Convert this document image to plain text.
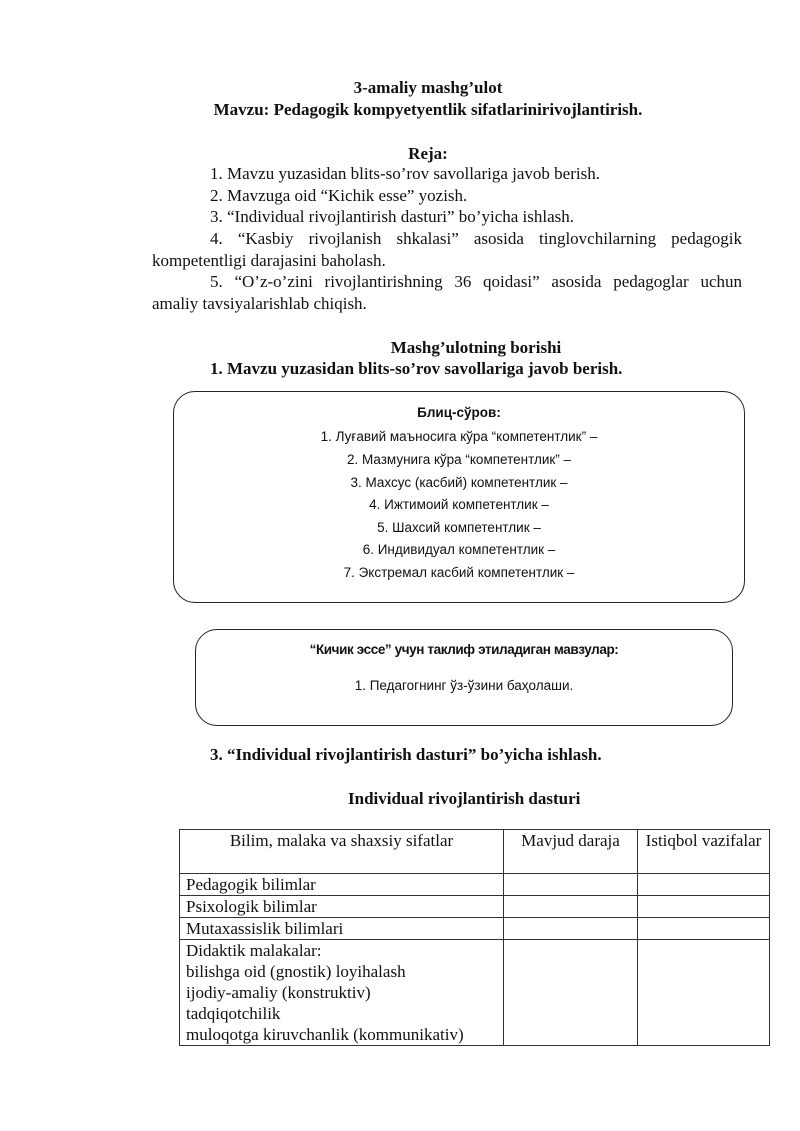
3-amaliy mashg’ulot
Mavzu: Pedagogik kompyetyentlik sifatlarinirivojlantirish.
Reja:
1. Mavzu yuzasidan blits-so’rov savollariga javob berish.
2. Mavzuga oid “Kichik esse” yozish.
3. “Individual rivojlantirish dasturi” bo’yicha ishlash.
4. “Kasbiy rivojlanish shkalasi” asosida tinglovchilarning pedagogik
kompetentligi darajasini baholash.
5. “O’z-o’zini rivojlantirishning 36 qoidasi” asosida pedagoglar uchun
amaliy tavsiyalarishlab chiqish.
Mashg’ulotning borishi
1. Mavzu yuzasidan blits-so’rov savollariga javob berish.
Блиц-сўров:
1. Луғавий маъносига кўра “компетентлик” –
2. Мазмунига кўра “компетентлик” –
3. Махсус (касбий) компетентлик –
4. Ижтимоий компетентлик –
5. Шахсий компетентлик –
6. Индивидуал компетентлик –
7. Экстремал касбий компетентлик –
“Кичик эссе” учун таклиф этиладиган мавзулар:
1. Педагогнинг ўз-ўзини баҳолаши.
3. “Individual rivojlantirish dasturi” bo’yicha ishlash.
Individual rivojlantirish dasturi
Bilim, malaka va shaxsiy sifatlar	Mavjud daraja	Istiqbol vazifalar
Pedagogik bilimlar		
Psixologik bilimlar		
Mutaxassislik bilimlari		

Didaktik malakalar:
bilishga oid (gnostik) loyihalash
ijodiy-amaliy (konstruktiv)
tadqiqotchilik
muloqotga kiruvchanlik (kommunikativ)		
